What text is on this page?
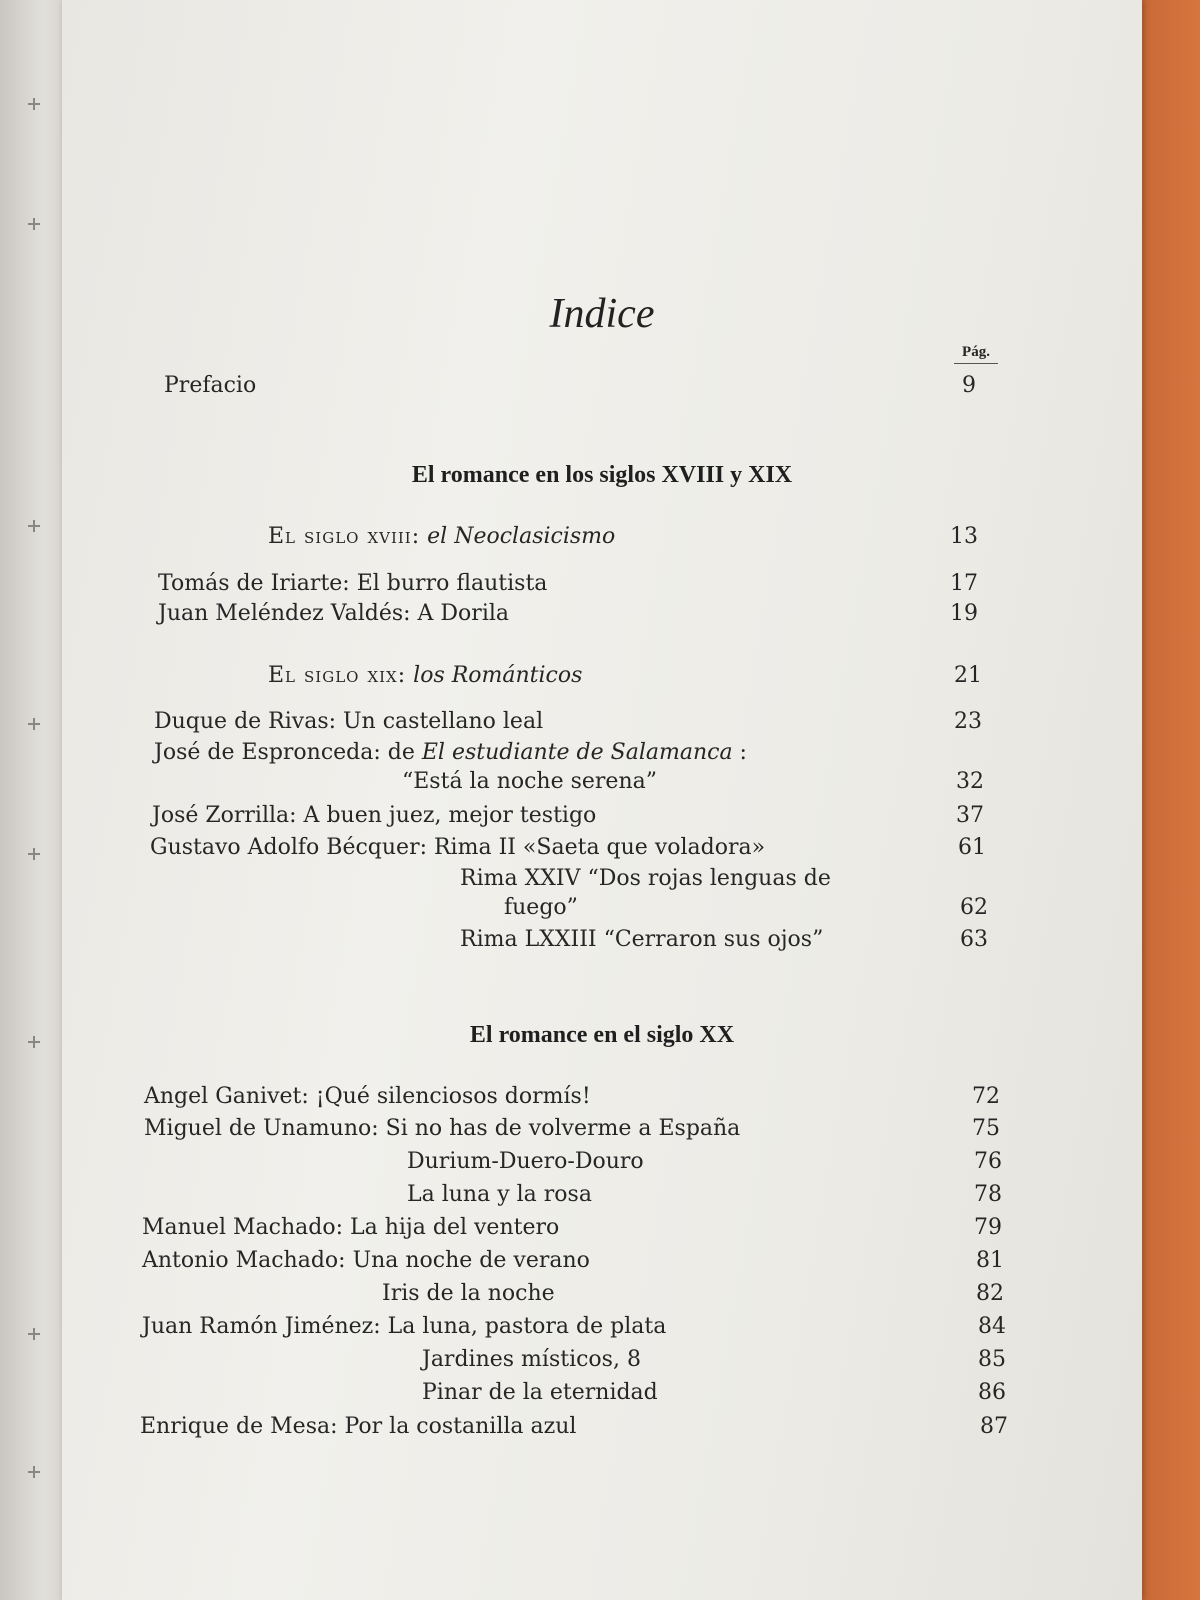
Indice
Pág.
Prefacio	9
El romance en los siglos XVIII y XIX
El siglo xviii: el Neoclasicismo	13
Tomás de Iriarte: El burro flautista	17
Juan Meléndez Valdés: A Dorila	19
El siglo xix: los Románticos	21
Duque de Rivas: Un castellano leal	23
José de Espronceda: de El estudiante de Salamanca :
“Está la noche serena”	32
José Zorrilla: A buen juez, mejor testigo	37
Gustavo Adolfo Bécquer: Rima II «Saeta que voladora»	61
Rima XXIV “Dos rojas lenguas de
fuego”	62
Rima LXXIII “Cerraron sus ojos”	63
El romance en el siglo XX
Angel Ganivet: ¡Qué silenciosos dormís!	72
Miguel de Unamuno: Si no has de volverme a España	75
Durium-Duero-Douro	76
La luna y la rosa	78
Manuel Machado: La hija del ventero	79
Antonio Machado: Una noche de verano	81
Iris de la noche	82
Juan Ramón Jiménez: La luna, pastora de plata	84
Jardines místicos, 8	85
Pinar de la eternidad	86
Enrique de Mesa: Por la costanilla azul	87
